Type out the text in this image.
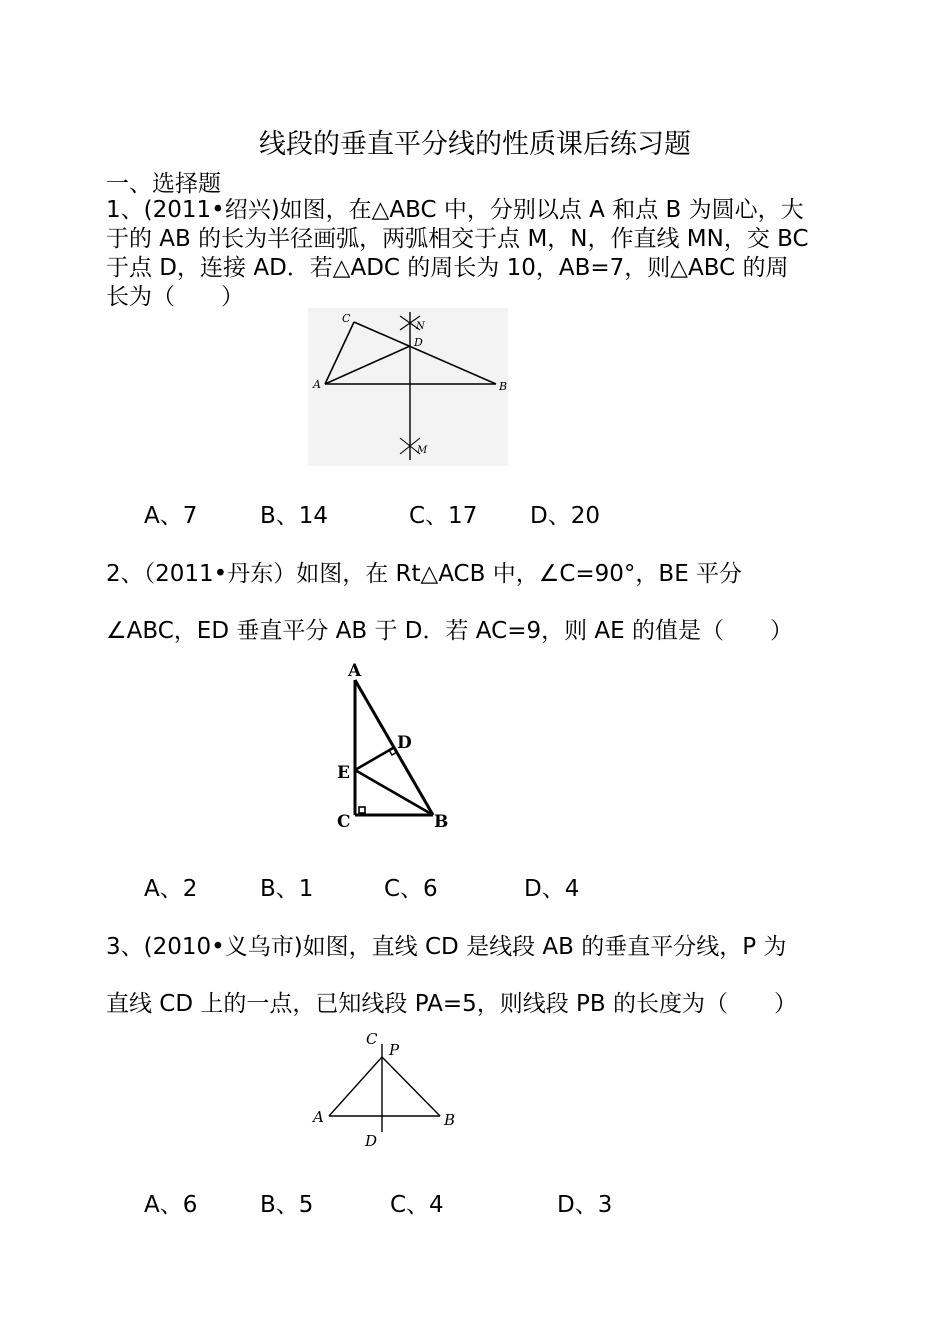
线段的垂直平分线的性质课后练习题
一、选择题
1、(2011•绍兴)如图，在△ABC 中，分别以点 A 和点 B 为圆心，大
于的 AB 的长为半径画弧，两弧相交于点 M，N，作直线 MN，交 BC
于点 D，连接 AD．若△ADC 的周长为 10，AB=7，则△ABC 的周
长为（　　）
C
N
D
A	B
M
A、7	B、14	C、17 D、20
2、（2011•丹东）如图，在 Rt△ACB 中，∠C=90°，BE 平分
∠ABC，ED 垂直平分 AB 于 D．若 AC=9，则 AE 的值是（　　）
A
D
E
C	B
A、2	B、1	C、6	D、4
3、(2010•义乌市)如图，直线 CD 是线段 AB 的垂直平分线，P 为
直线 CD 上的一点，已知线段 PA=5，则线段 PB 的长度为（　　）
C
P
A	B
D
A、6	B、5	C、4	D、3
